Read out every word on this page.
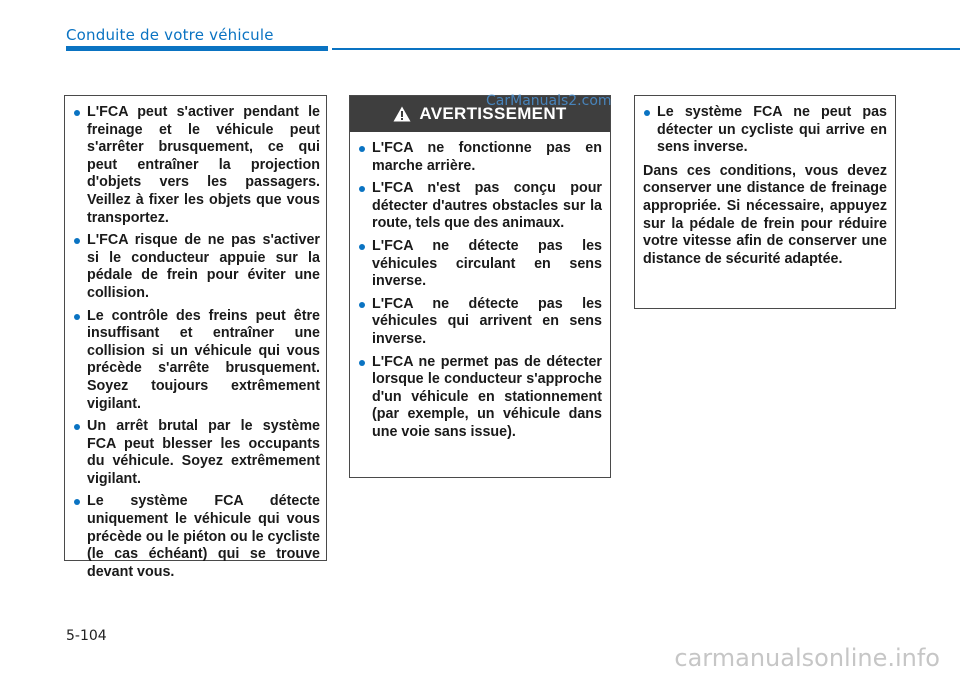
Conduite de votre véhicule
L'FCA peut s'activer pendant le freinage et le véhicule peut s'arrêter brusquement, ce qui peut entraîner la projection d'objets vers les passagers. Veillez à fixer les objets que vous transportez.
L'FCA risque de ne pas s'activer si le conducteur appuie sur la pédale de frein pour éviter une collision.
Le contrôle des freins peut être insuffisant et entraîner une collision si un véhicule qui vous précède s'arrête brusquement. Soyez toujours extrêmement vigilant.
Un arrêt brutal par le système FCA peut blesser les occupants du véhicule. Soyez extrêmement vigilant.
Le système FCA détecte uniquement le véhicule qui vous précède ou le piéton ou le cycliste (le cas échéant) qui se trouve devant vous.
AVERTISSEMENT
L'FCA ne fonctionne pas en marche arrière.
L'FCA n'est pas conçu pour détecter d'autres obstacles sur la route, tels que des animaux.
L'FCA ne détecte pas les véhicules circulant en sens inverse.
L'FCA ne détecte pas les véhicules qui arrivent en sens inverse.
L'FCA ne permet pas de détecter lorsque le conducteur s'approche d'un véhicule en stationnement (par exemple, un véhicule dans une voie sans issue).
Le système FCA ne peut pas détecter un cycliste qui arrive en sens inverse.

Dans ces conditions, vous devez conserver une distance de freinage appropriée. Si nécessaire, appuyez sur la pédale de frein pour réduire votre vitesse afin de conserver une distance de sécurité adaptée.

CarManuals2.com
5-104
carmanualsonline.info
